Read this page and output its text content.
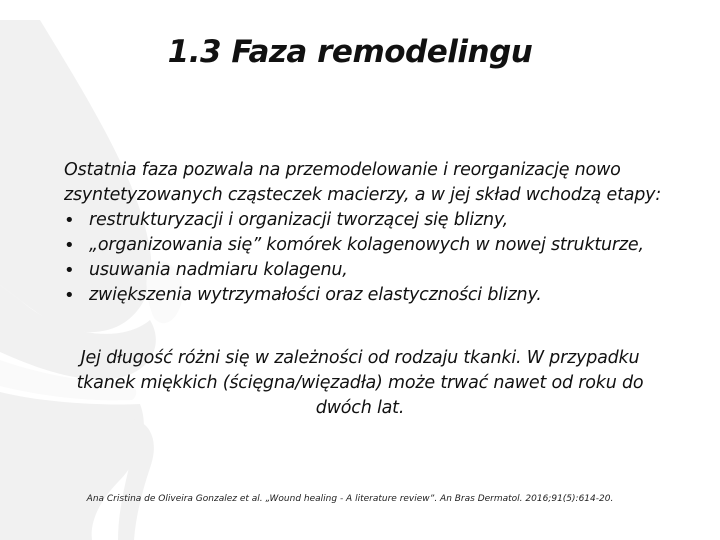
1.3 Faza remodelingu

Ostatnia faza pozwala na przemodelowanie i reorganizację nowo zsyntetyzowanych cząsteczek macierzy, a w jej skład wchodzą etapy:

• restrukturyzacji i organizacji tworzącej się blizny,
• „organizowania się” komórek kolagenowych w nowej strukturze,
• usuwania nadmiaru kolagenu,
• zwiększenia wytrzymałości oraz elastyczności blizny.

Jej długość różni się w zależności od rodzaju tkanki. W przypadku tkanek miękkich (ścięgna/więzadła) może trwać nawet od roku do dwóch lat.

Ana Cristina de Oliveira Gonzalez et al. „Wound healing - A literature review”. An Bras Dermatol. 2016;91(5):614-20.
